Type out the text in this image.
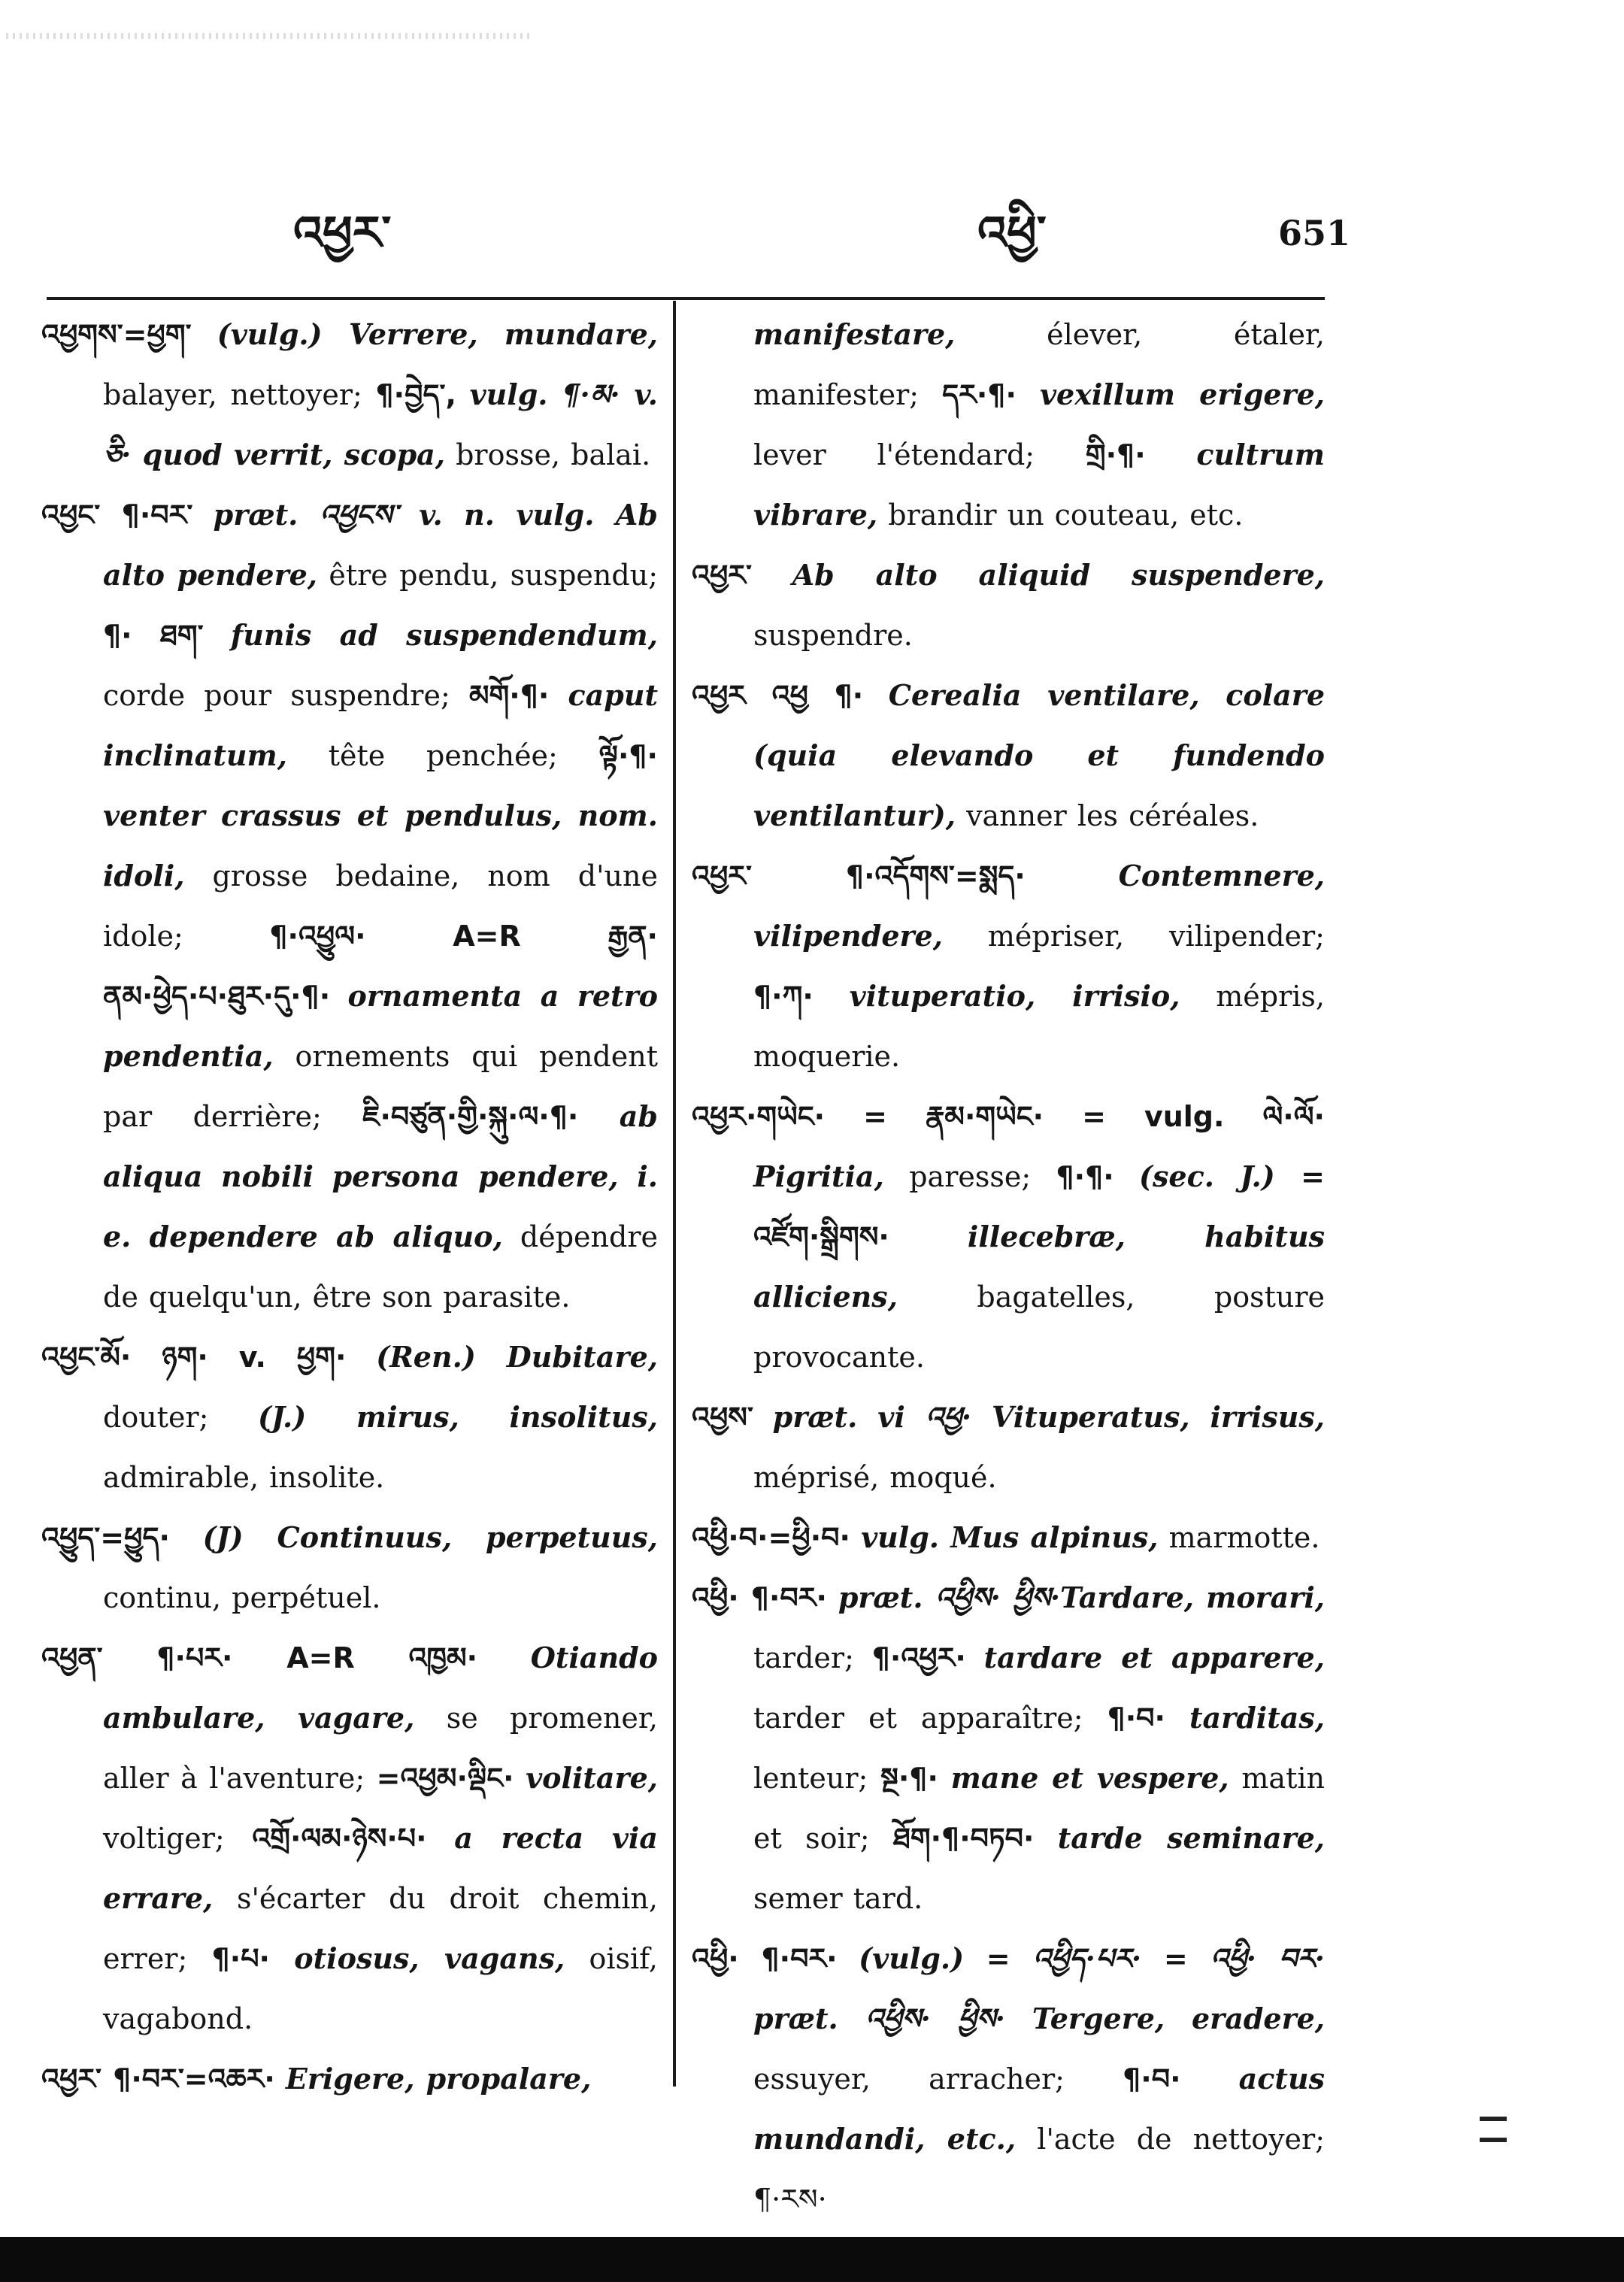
འཕྱར་	འཕྱི་	651

འཕྱགས་=ཕྱག་ (vulg.) Verrere, mundare, balayer, nettoyer; ¶·བྱེད་, vulg. ¶·མ· v. ཅི· quod verrit, scopa, brosse, balai.

འཕྱང་ ¶·བར་ præt. འཕྱངས་ v. n. vulg. Ab alto pendere, être pendu, suspendu; ¶· ཐག་ funis ad suspendendum, corde pour suspendre; མགོ·¶· caput inclinatum, tête penchée; ལྟོ·¶· venter crassus et pendulus, nom. idoli, grosse bedaine, nom d'une idole;	¶·འཕྱུལ· A=R རྒྱན· ནམ·ཕྱེད·པ·ཐུར·དུ·¶· ornamenta a retro pendentia, ornements qui pendent par derrière; ཇི·བཙུན·གྱི·སྐུ·ལ·¶· ab aliqua nobili persona pendere, i. e. dependere ab aliquo, dépendre de quelqu'un, être son parasite.

འཕྱང་མོ· ཉག· v. ཕྱག· (Ren.) Dubitare, douter; (J.) mirus, insolitus, admirable, insolite.

འཕྱུད་=ཕྱུད· (J) Continuus, perpetuus, continu, perpétuel.

འཕྱན་ ¶·པར· A=R འཁྱམ· Otiando ambulare, vagare, se promener, aller à l'aventure; =འཕྱམ·ལྡིང· volitare, voltiger; འགྲོ·ལམ·ཉེས·པ· a recta via errare, s'écarter du droit chemin, errer; ¶·པ· otiosus, vagans, oisif, vagabond.

འཕྱར་ ¶·བར་=འཆར· Erigere, propalare,

manifestare,	élever, étaler, manifester; དར·¶· vexillum erigere, lever l'étendard; གྲི·¶· cultrum vibrare, brandir un couteau, etc.

འཕྱར་ Ab alto aliquid suspendere, suspendre.

འཕྱར འཕྱ ¶· Cerealia ventilare, colare (quia elevando et fundendo ventilantur), vanner les céréales.

འཕྱར་ ¶·འདོགས་=སྨད·	Contemnere, vilipendere, mépriser, vilipender; ¶·ཀ· vituperatio, irrisio, mépris, moquerie.

འཕྱར·གཡེང· = རྣམ·གཡེང· = vulg. ལེ·ལོ· Pigritia, paresse; ¶·¶· (sec. J.) = འཛོག·སྒྲིགས·	illecebræ, habitus alliciens,	bagatelles, posture provocante.

འཕྱས་ præt. vi འཕྱ· Vituperatus, irrisus, méprisé, moqué.

འཕྱི·བ·=ཕྱི·བ· vulg. Mus alpinus, marmotte.

འཕྱི· ¶·བར· præt. འཕྱིས· ཕྱིས·Tardare, morari, tarder; ¶·འཕྱར· tardare et apparere, tarder et apparaître; ¶·བ· tarditas, lenteur; སྔ·¶· mane et vespere, matin et soir; ཐོག·¶·བཏབ· tarde seminare, semer tard.

འཕྱི· ¶·བར· (vulg.) = འཕྱིད·པར· = འཕྱི· བར· præt. འཕྱིས· ཕྱིས· Tergere, eradere, essuyer, arracher; ¶·བ· actus mundandi, etc., l'acte de nettoyer; ¶·རས·
